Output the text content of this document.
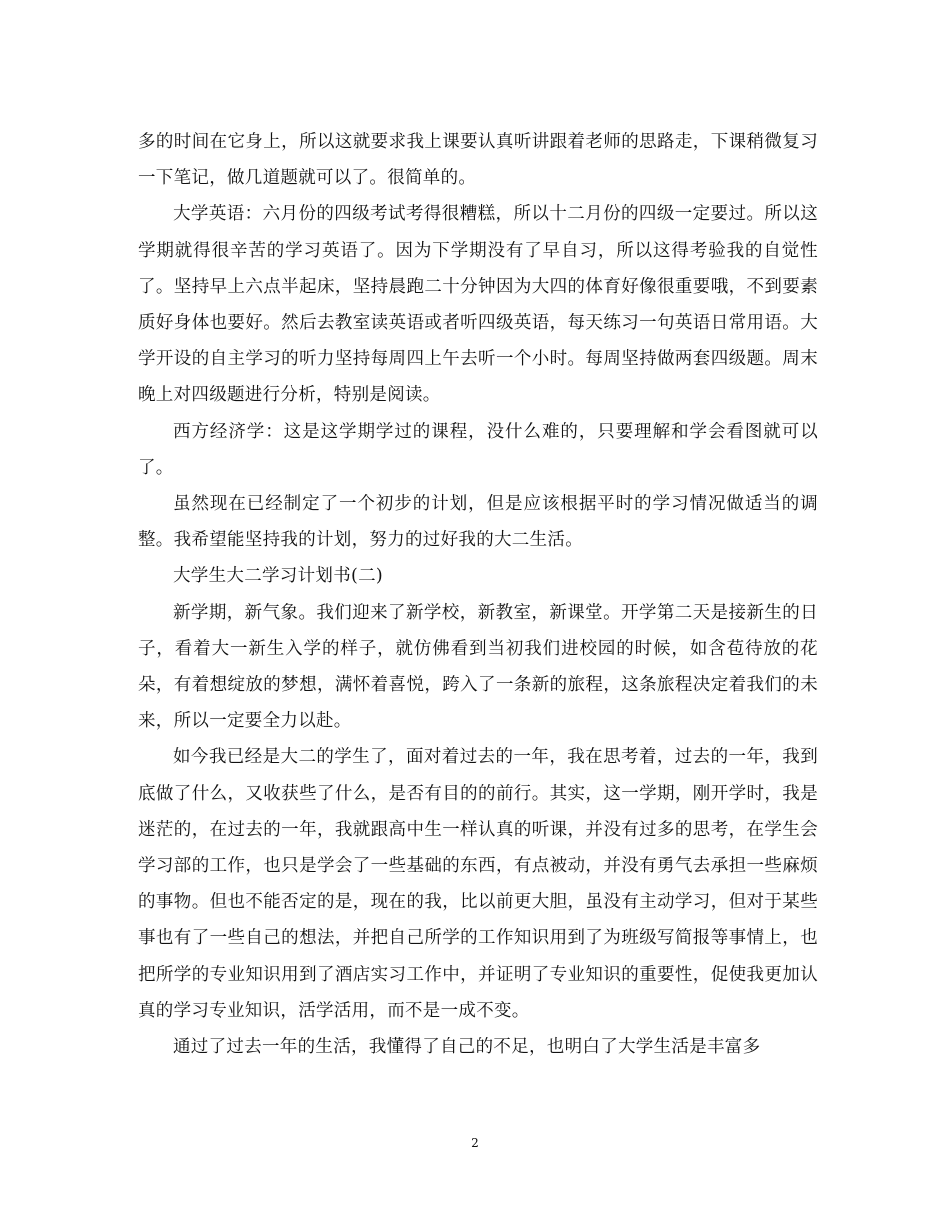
多的时间在它身上，所以这就要求我上课要认真听讲跟着老师的思路走，下课稍微复习一下笔记，做几道题就可以了。很简单的。

大学英语：六月份的四级考试考得很糟糕，所以十二月份的四级一定要过。所以这学期就得很辛苦的学习英语了。因为下学期没有了早自习，所以这得考验我的自觉性了。坚持早上六点半起床，坚持晨跑二十分钟因为大四的体育好像很重要哦，不到要素质好身体也要好。然后去教室读英语或者听四级英语，每天练习一句英语日常用语。大学开设的自主学习的听力坚持每周四上午去听一个小时。每周坚持做两套四级题。周末晚上对四级题进行分析，特别是阅读。

西方经济学：这是这学期学过的课程，没什么难的，只要理解和学会看图就可以了。

虽然现在已经制定了一个初步的计划，但是应该根据平时的学习情况做适当的调整。我希望能坚持我的计划，努力的过好我的大二生活。

大学生大二学习计划书(二)

新学期，新气象。我们迎来了新学校，新教室，新课堂。开学第二天是接新生的日子，看着大一新生入学的样子，就仿佛看到当初我们进校园的时候，如含苞待放的花朵，有着想绽放的梦想，满怀着喜悦，跨入了一条新的旅程，这条旅程决定着我们的未来，所以一定要全力以赴。

如今我已经是大二的学生了，面对着过去的一年，我在思考着，过去的一年，我到底做了什么，又收获些了什么，是否有目的的前行。其实，这一学期，刚开学时，我是迷茫的，在过去的一年，我就跟高中生一样认真的听课，并没有过多的思考，在学生会学习部的工作，也只是学会了一些基础的东西，有点被动，并没有勇气去承担一些麻烦的事物。但也不能否定的是，现在的我，比以前更大胆，虽没有主动学习，但对于某些事也有了一些自己的想法，并把自己所学的工作知识用到了为班级写简报等事情上，也把所学的专业知识用到了酒店实习工作中，并证明了专业知识的重要性，促使我更加认真的学习专业知识，活学活用，而不是一成不变。

通过了过去一年的生活，我懂得了自己的不足，也明白了大学生活是丰富多

2
